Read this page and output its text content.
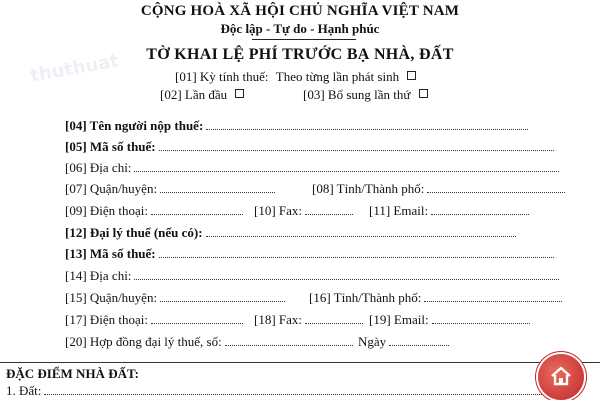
thuthuat
CỘNG HOÀ XÃ HỘI CHỦ NGHĨA VIỆT NAM
Độc lập - Tự do - Hạnh phúc
TỜ KHAI LỆ PHÍ TRƯỚC BẠ NHÀ, ĐẤT
[01] Kỳ tính thuế: Theo từng lần phát sinh
[02] Lần đầu	[03] Bổ sung lần thứ
[04] Tên người nộp thuế:
[05] Mã số thuế:
[06] Địa chỉ:
[07] Quận/huyện:	[08] Tỉnh/Thành phố:
[09] Điện thoại:	[10] Fax:	[11] Email:
[12] Đại lý thuế (nếu có):
[13] Mã số thuế:
[14] Địa chỉ:
[15] Quận/huyện:	[16] Tỉnh/Thành phố:
[17] Điện thoại:	[18] Fax:	[19] Email:
[20] Hợp đồng đại lý thuế, số:	Ngày
ĐẶC ĐIỂM NHÀ ĐẤT:
1. Đất:
